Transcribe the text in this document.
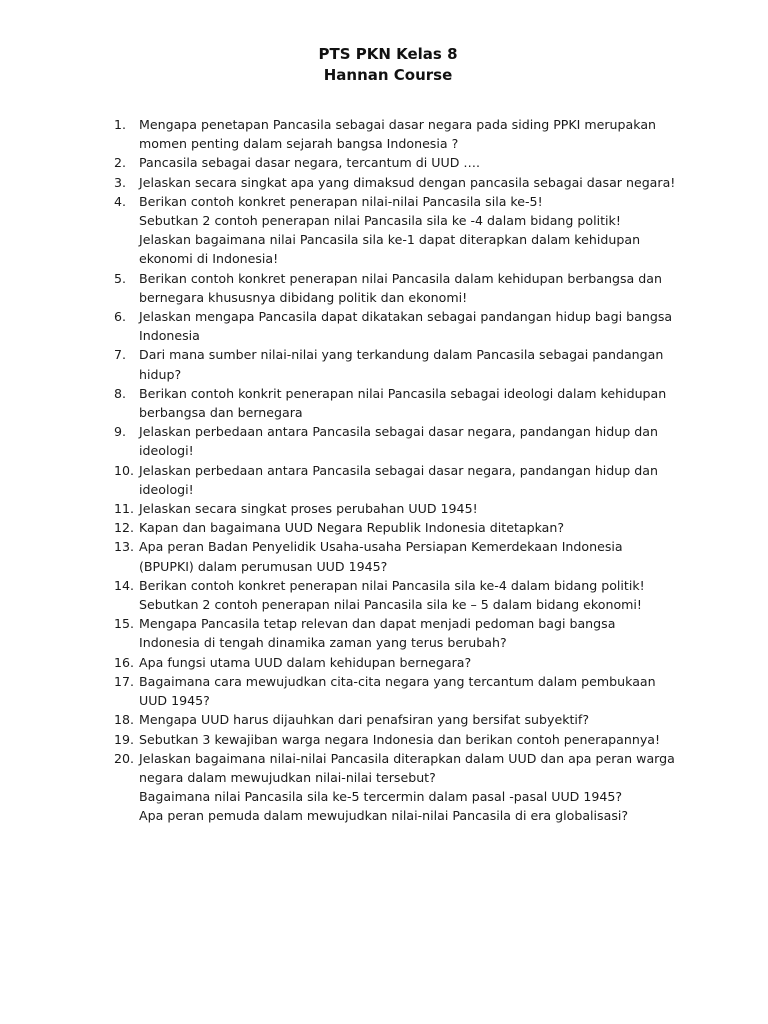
PTS PKN Kelas 8
Hannan Course
1.	Mengapa penetapan Pancasila sebagai dasar negara pada siding PPKI merupakan
momen penting dalam sejarah bangsa Indonesia ?
2.	Pancasila sebagai dasar negara, tercantum di UUD ….
3.	Jelaskan secara singkat apa yang dimaksud dengan pancasila sebagai dasar negara!
4.	Berikan contoh konkret penerapan nilai-nilai Pancasila sila ke-5!
Sebutkan 2 contoh penerapan nilai Pancasila sila ke -4 dalam bidang politik!
Jelaskan bagaimana nilai Pancasila sila ke-1 dapat diterapkan dalam kehidupan
ekonomi di Indonesia!
5.	Berikan contoh konkret penerapan nilai Pancasila dalam kehidupan berbangsa dan
bernegara khususnya dibidang politik dan ekonomi!
6.	Jelaskan mengapa Pancasila dapat dikatakan sebagai pandangan hidup bagi bangsa
Indonesia
7.	Dari mana sumber nilai-nilai yang terkandung dalam Pancasila sebagai pandangan
hidup?
8.	Berikan contoh konkrit penerapan nilai Pancasila sebagai ideologi dalam kehidupan
berbangsa dan bernegara
9.	Jelaskan perbedaan antara Pancasila sebagai dasar negara, pandangan hidup dan
ideologi!
10. Jelaskan perbedaan antara Pancasila sebagai dasar negara, pandangan hidup dan
ideologi!
11. Jelaskan secara singkat proses perubahan UUD 1945!
12. Kapan dan bagaimana UUD Negara Republik Indonesia ditetapkan?
13. Apa peran Badan Penyelidik Usaha-usaha Persiapan Kemerdekaan Indonesia
(BPUPKI) dalam perumusan UUD 1945?
14. Berikan contoh konkret penerapan nilai Pancasila sila ke-4 dalam bidang politik!
Sebutkan 2 contoh penerapan nilai Pancasila sila ke – 5 dalam bidang ekonomi!
15. Mengapa Pancasila tetap relevan dan dapat menjadi pedoman bagi bangsa
Indonesia di tengah dinamika zaman yang terus berubah?
16. Apa fungsi utama UUD dalam kehidupan bernegara?
17. Bagaimana cara mewujudkan cita-cita negara yang tercantum dalam pembukaan
UUD 1945?
18. Mengapa UUD harus dijauhkan dari penafsiran yang bersifat subyektif?
19. Sebutkan 3 kewajiban warga negara Indonesia dan berikan contoh penerapannya!
20. Jelaskan bagaimana nilai-nilai Pancasila diterapkan dalam UUD dan apa peran warga
negara dalam mewujudkan nilai-nilai tersebut?
Bagaimana nilai Pancasila sila ke-5 tercermin dalam pasal -pasal UUD 1945?
Apa peran pemuda dalam mewujudkan nilai-nilai Pancasila di era globalisasi?
